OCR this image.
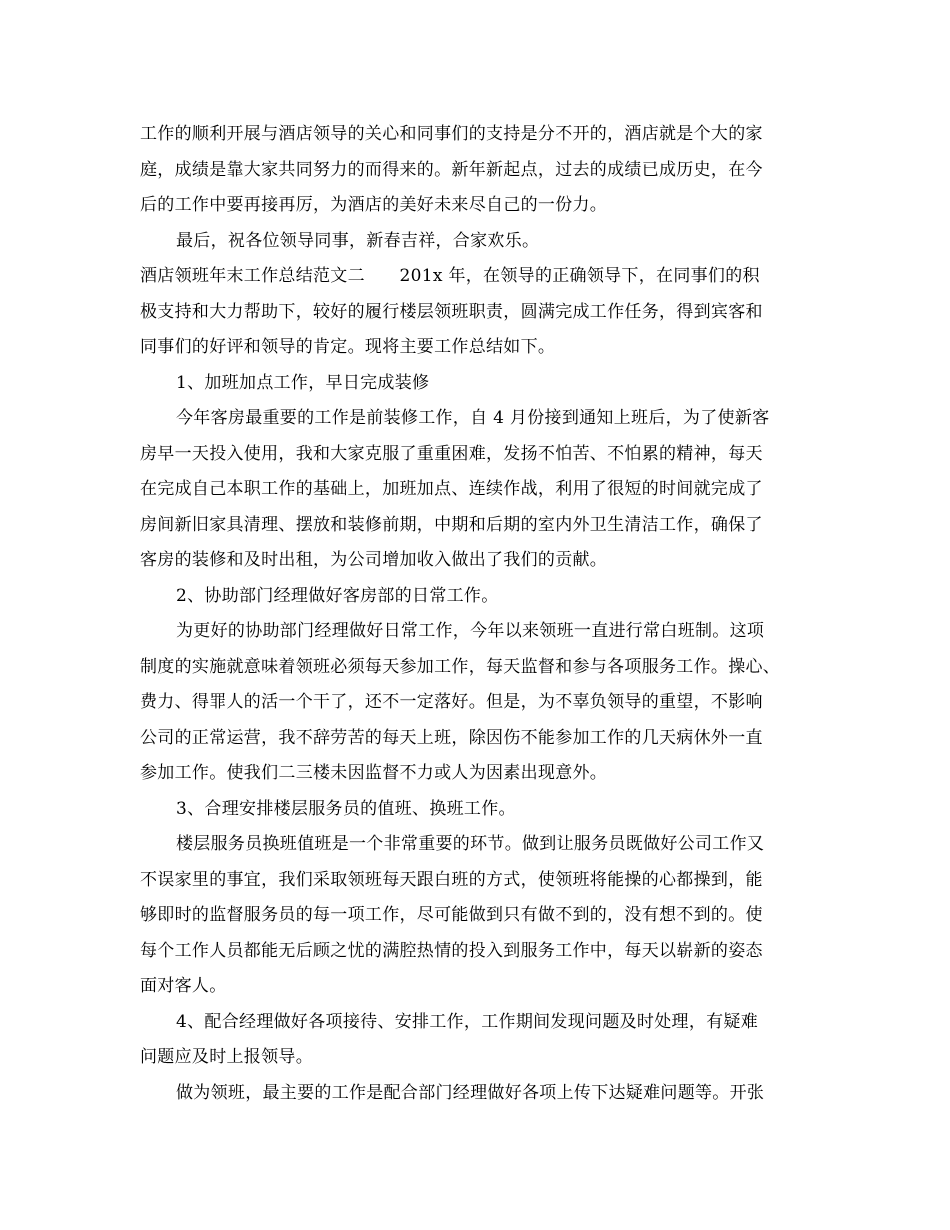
工作的顺利开展与酒店领导的关心和同事们的支持是分不开的，酒店就是个大的家
庭，成绩是靠大家共同努力的而得来的。新年新起点，过去的成绩已成历史，在今
后的工作中要再接再厉，为酒店的美好未来尽自己的一份力。
最后，祝各位领导同事，新春吉祥，合家欢乐。
酒店领班年末工作总结范文二　　201x 年，在领导的正确领导下，在同事们的积
极支持和大力帮助下，较好的履行楼层领班职责，圆满完成工作任务，得到宾客和
同事们的好评和领导的肯定。现将主要工作总结如下。
1、加班加点工作，早日完成装修
今年客房最重要的工作是前装修工作，自 4 月份接到通知上班后，为了使新客
房早一天投入使用，我和大家克服了重重困难，发扬不怕苦、不怕累的精神，每天
在完成自己本职工作的基础上，加班加点、连续作战，利用了很短的时间就完成了
房间新旧家具清理、摆放和装修前期，中期和后期的室内外卫生清洁工作，确保了
客房的装修和及时出租，为公司增加收入做出了我们的贡献。
2、协助部门经理做好客房部的日常工作。
为更好的协助部门经理做好日常工作，今年以来领班一直进行常白班制。这项
制度的实施就意味着领班必须每天参加工作，每天监督和参与各项服务工作。操心、
费力、得罪人的活一个干了，还不一定落好。但是，为不辜负领导的重望，不影响
公司的正常运营，我不辞劳苦的每天上班，除因伤不能参加工作的几天病休外一直
参加工作。使我们二三楼未因监督不力或人为因素出现意外。
3、合理安排楼层服务员的值班、换班工作。
楼层服务员换班值班是一个非常重要的环节。做到让服务员既做好公司工作又
不误家里的事宜，我们采取领班每天跟白班的方式，使领班将能操的心都操到，能
够即时的监督服务员的每一项工作，尽可能做到只有做不到的，没有想不到的。使
每个工作人员都能无后顾之忧的满腔热情的投入到服务工作中，每天以崭新的姿态
面对客人。
4、配合经理做好各项接待、安排工作，工作期间发现问题及时处理，有疑难
问题应及时上报领导。
做为领班，最主要的工作是配合部门经理做好各项上传下达疑难问题等。开张
